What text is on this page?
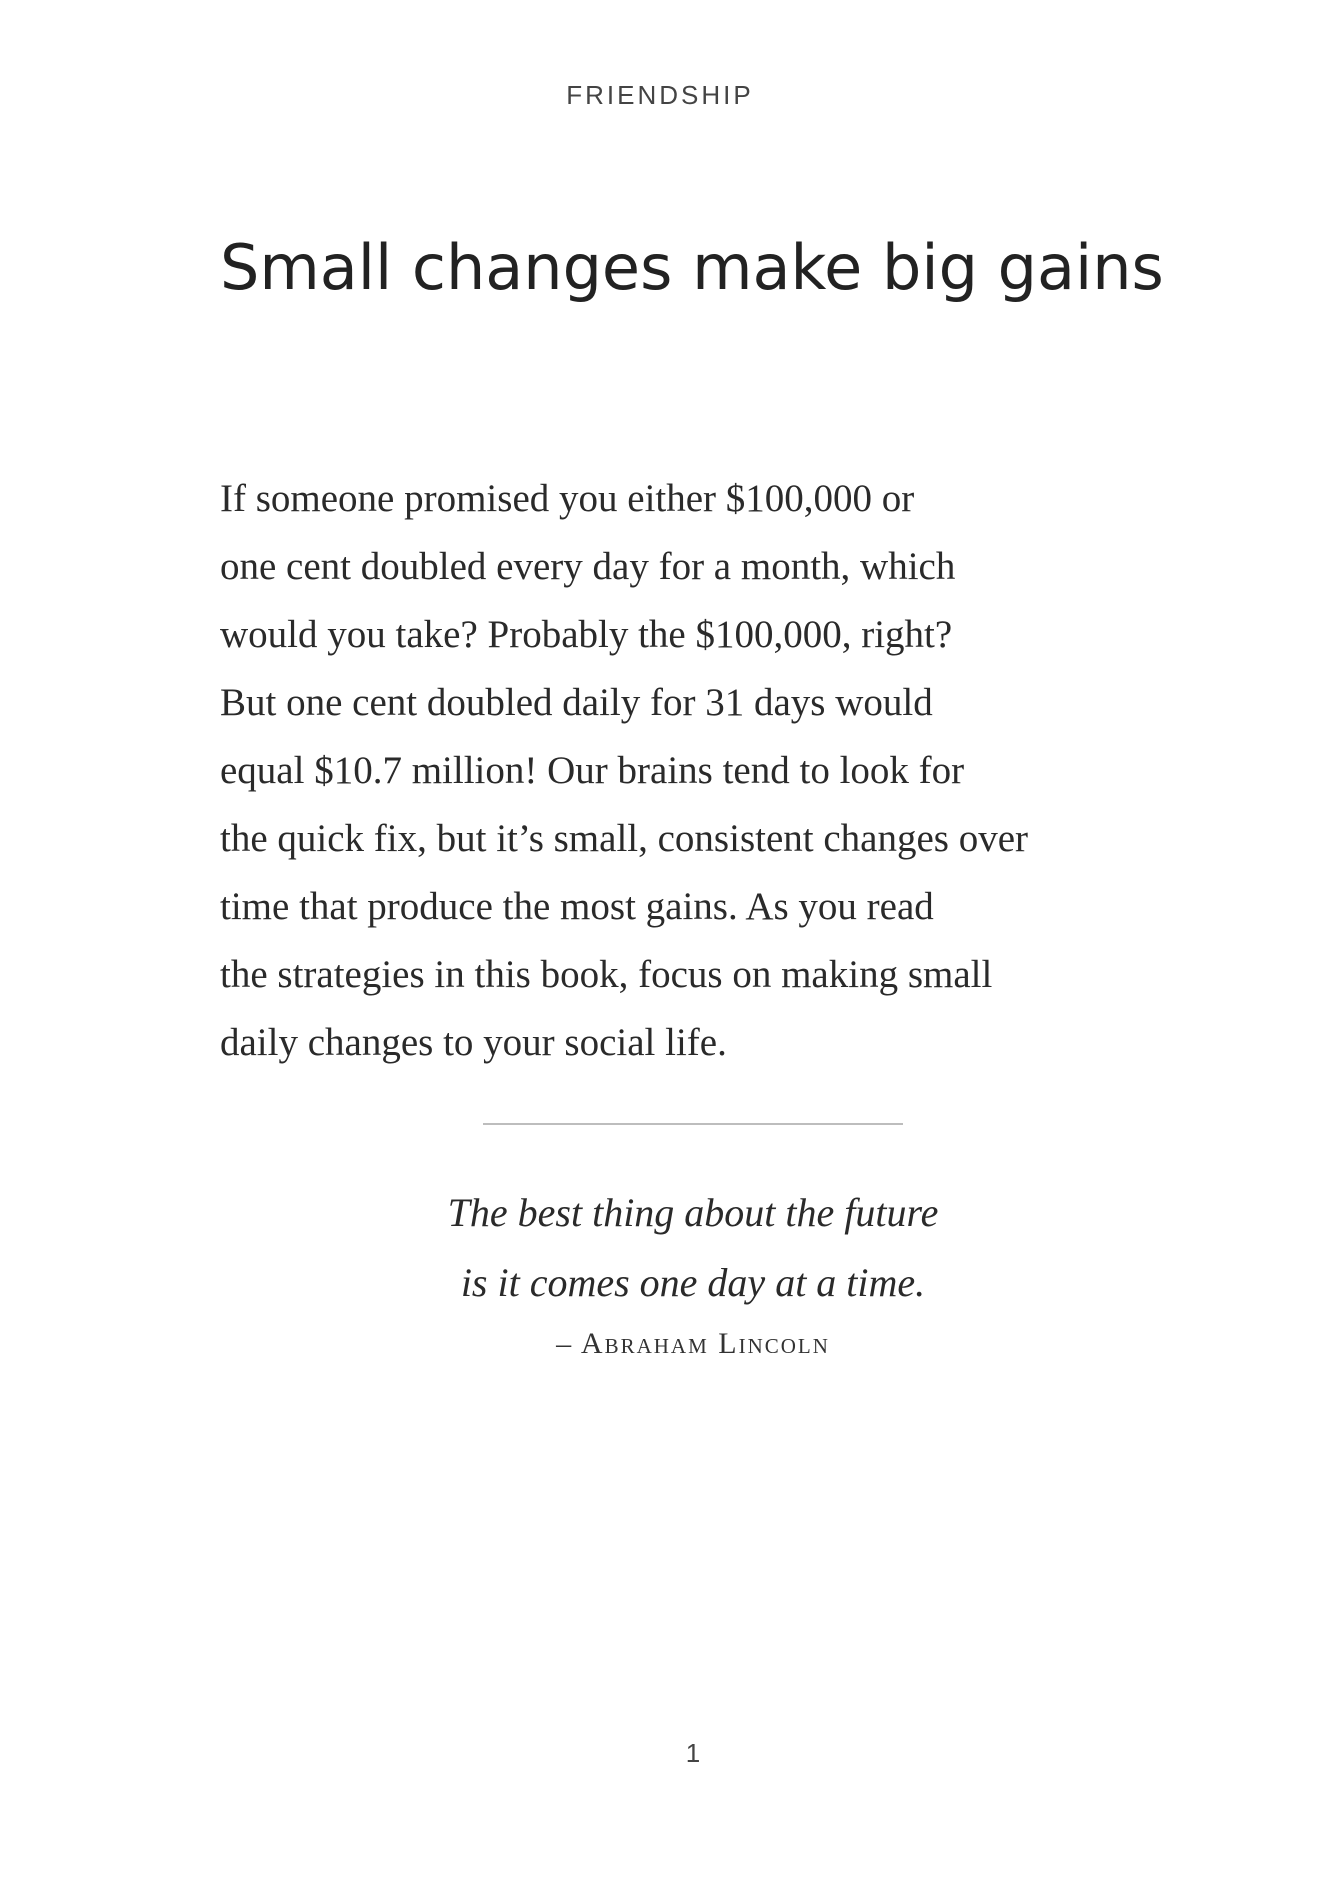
FRIENDSHIP
Small changes make big gains
If someone promised you either $100,000 or
one cent doubled every day for a month, which
would you take? Probably the $100,000, right?
But one cent doubled daily for 31 days would
equal $10.7 million! Our brains tend to look for
the quick fix, but it’s small, consistent changes over
time that produce the most gains. As you read
the strategies in this book, focus on making small
daily changes to your social life.
The best thing about the future
is it comes one day at a time.
– Abraham Lincoln
1
